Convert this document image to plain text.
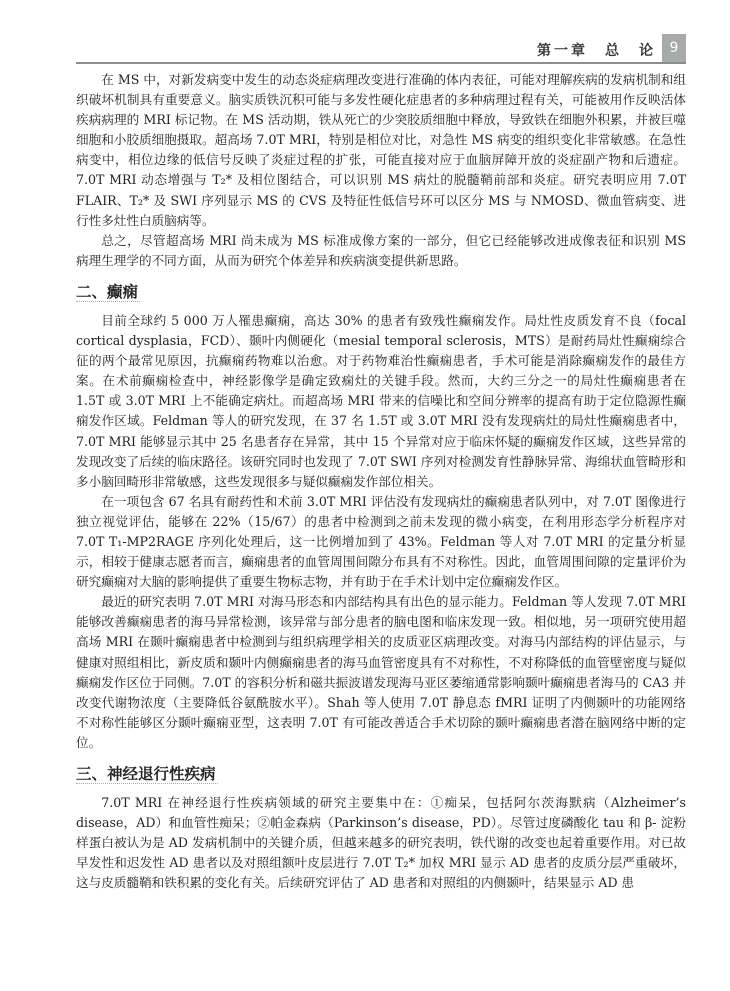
第一章　总　论 9

在 MS 中，对新发病变中发生的动态炎症病理改变进行准确的体内表征，可能对理解疾病的发病机制和组织破坏机制具有重要意义。脑实质铁沉积可能与多发性硬化症患者的多种病理过程有关，可能被用作反映活体疾病病理的 MRI 标记物。在 MS 活动期，铁从死亡的少突胶质细胞中释放，导致铁在细胞外积累，并被巨噬细胞和小胶质细胞摄取。超高场 7.0T MRI，特别是相位对比，对急性 MS 病变的组织变化非常敏感。在急性病变中，相位边缘的低信号反映了炎症过程的扩张，可能直接对应于血脑屏障开放的炎症副产物和后遗症。7.0T MRI 动态增强与 T₂* 及相位图结合，可以识别 MS 病灶的脱髓鞘前部和炎症。研究表明应用 7.0T FLAIR、T₂* 及 SWI 序列显示 MS 的 CVS 及特征性低信号环可以区分 MS 与 NMOSD、微血管病变、进行性多灶性白质脑病等。

总之，尽管超高场 MRI 尚未成为 MS 标准成像方案的一部分，但它已经能够改进成像表征和识别 MS 病理生理学的不同方面，从而为研究个体差异和疾病演变提供新思路。

二、癫痫

目前全球约 5 000 万人罹患癫痫，高达 30% 的患者有致残性癫痫发作。局灶性皮质发育不良（focal cortical dysplasia，FCD）、颞叶内侧硬化（mesial temporal sclerosis，MTS）是耐药局灶性癫痫综合征的两个最常见原因，抗癫痫药物难以治愈。对于药物难治性癫痫患者，手术可能是消除癫痫发作的最佳方案。在术前癫痫检查中，神经影像学是确定致痫灶的关键手段。然而，大约三分之一的局灶性癫痫患者在 1.5T 或 3.0T MRI 上不能确定病灶。而超高场 MRI 带来的信噪比和空间分辨率的提高有助于定位隐源性癫痫发作区域。Feldman 等人的研究发现，在 37 名 1.5T 或 3.0T MRI 没有发现病灶的局灶性癫痫患者中，7.0T MRI 能够显示其中 25 名患者存在异常，其中 15 个异常对应于临床怀疑的癫痫发作区域，这些异常的发现改变了后续的临床路径。该研究同时也发现了 7.0T SWI 序列对检测发育性静脉异常、海绵状血管畸形和多小脑回畸形非常敏感，这些发现很多与疑似癫痫发作部位相关。

在一项包含 67 名具有耐药性和术前 3.0T MRI 评估没有发现病灶的癫痫患者队列中，对 7.0T 图像进行独立视觉评估，能够在 22%（15/67）的患者中检测到之前未发现的微小病变，在利用形态学分析程序对 7.0T T₁-MP2RAGE 序列化处理后，这一比例增加到了 43%。Feldman 等人对 7.0T MRI 的定量分析显示，相较于健康志愿者而言，癫痫患者的血管周围间隙分布具有不对称性。因此，血管周围间隙的定量评价为研究癫痫对大脑的影响提供了重要生物标志物，并有助于在手术计划中定位癫痫发作区。

最近的研究表明 7.0T MRI 对海马形态和内部结构具有出色的显示能力。Feldman 等人发现 7.0T MRI 能够改善癫痫患者的海马异常检测，该异常与部分患者的脑电图和临床发现一致。相似地，另一项研究使用超高场 MRI 在颞叶癫痫患者中检测到与组织病理学相关的皮质亚区病理改变。对海马内部结构的评估显示，与健康对照组相比，新皮质和颞叶内侧癫痫患者的海马血管密度具有不对称性，不对称降低的血管壁密度与疑似癫痫发作区位于同侧。7.0T 的容积分析和磁共振波谱发现海马亚区萎缩通常影响颞叶癫痫患者海马的 CA3 并改变代谢物浓度（主要降低谷氨酰胺水平）。Shah 等人使用 7.0T 静息态 fMRI 证明了内侧颞叶的功能网络不对称性能够区分颞叶癫痫亚型，这表明 7.0T 有可能改善适合手术切除的颞叶癫痫患者潜在脑网络中断的定位。

三、神经退行性疾病

7.0T MRI 在神经退行性疾病领域的研究主要集中在：①痴呆，包括阿尔茨海默病（Alzheimer’s disease，AD）和血管性痴呆；②帕金森病（Parkinson’s disease，PD）。尽管过度磷酸化 tau 和 β- 淀粉样蛋白被认为是 AD 发病机制中的关键介质，但越来越多的研究表明，铁代谢的改变也起着重要作用。对已故早发性和迟发性 AD 患者以及对照组额叶皮层进行 7.0T T₂* 加权 MRI 显示 AD 患者的皮质分层严重破坏，这与皮质髓鞘和铁积累的变化有关。后续研究评估了 AD 患者和对照组的内侧颞叶，结果显示 AD 患
